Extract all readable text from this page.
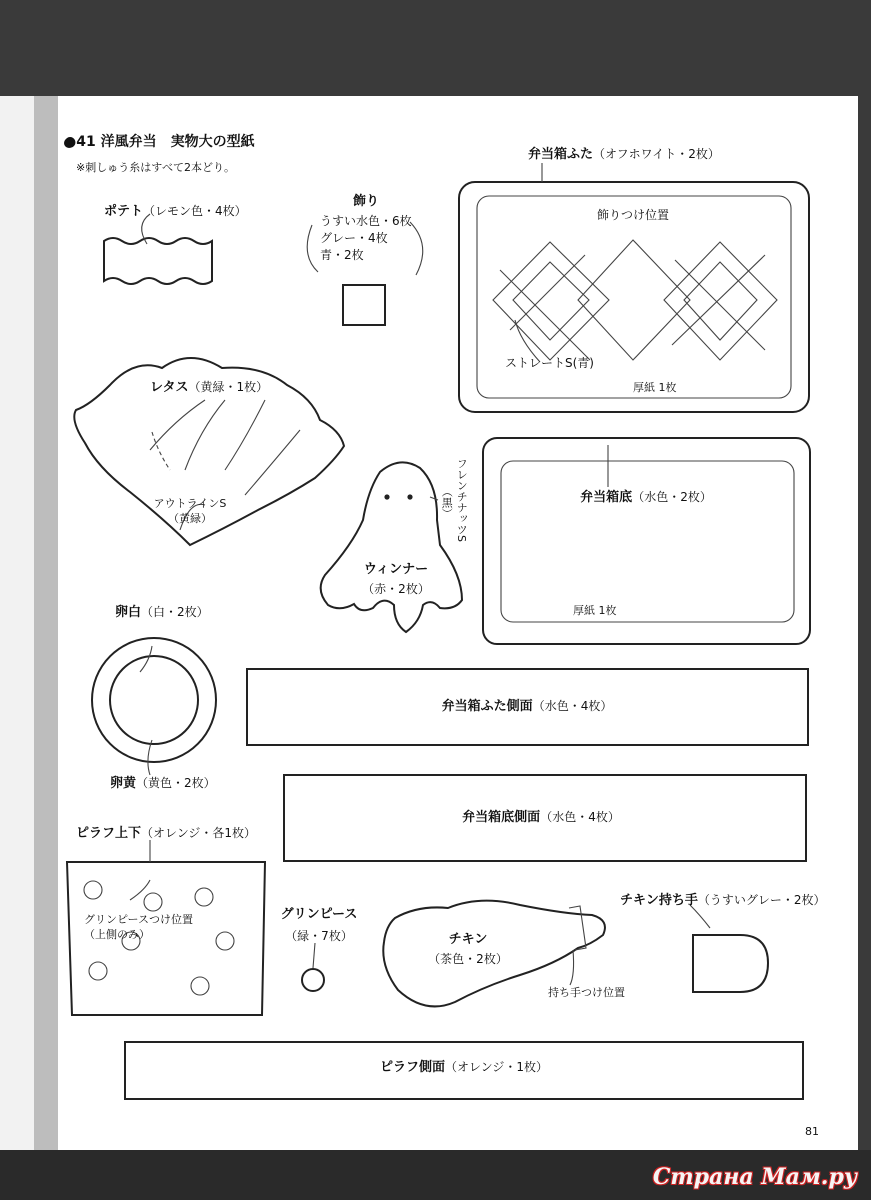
●41 洋風弁当　実物大の型紙
※刺しゅう糸はすべて2本どり。
ポテト（レモン色・4枚）
飾り
うすい水色・6枚
グレー・4枚
青・2枚
弁当箱ふた（オフホワイト・2枚）
飾りつけ位置
ストレートS(青)
厚紙 1枚
レタス（黄緑・1枚）
アウトラインS
（黄緑）
ウィンナー
（赤・2枚）
フレンチナッツS
（黒）	弁当箱底（水色・2枚）
厚紙 1枚
卵白（白・2枚）
卵黄（黄色・2枚）
弁当箱ふた側面（水色・4枚）
弁当箱底側面（水色・4枚）
ピラフ上下（オレンジ・各1枚）
グリンピースつけ位置
（上側のみ）
グリンピース
（緑・7枚）	チキン
（茶色・2枚）
持ち手つけ位置
チキン持ち手（うすいグレー・2枚）
ピラフ側面（オレンジ・1枚）
81
Страна Мам.ру
